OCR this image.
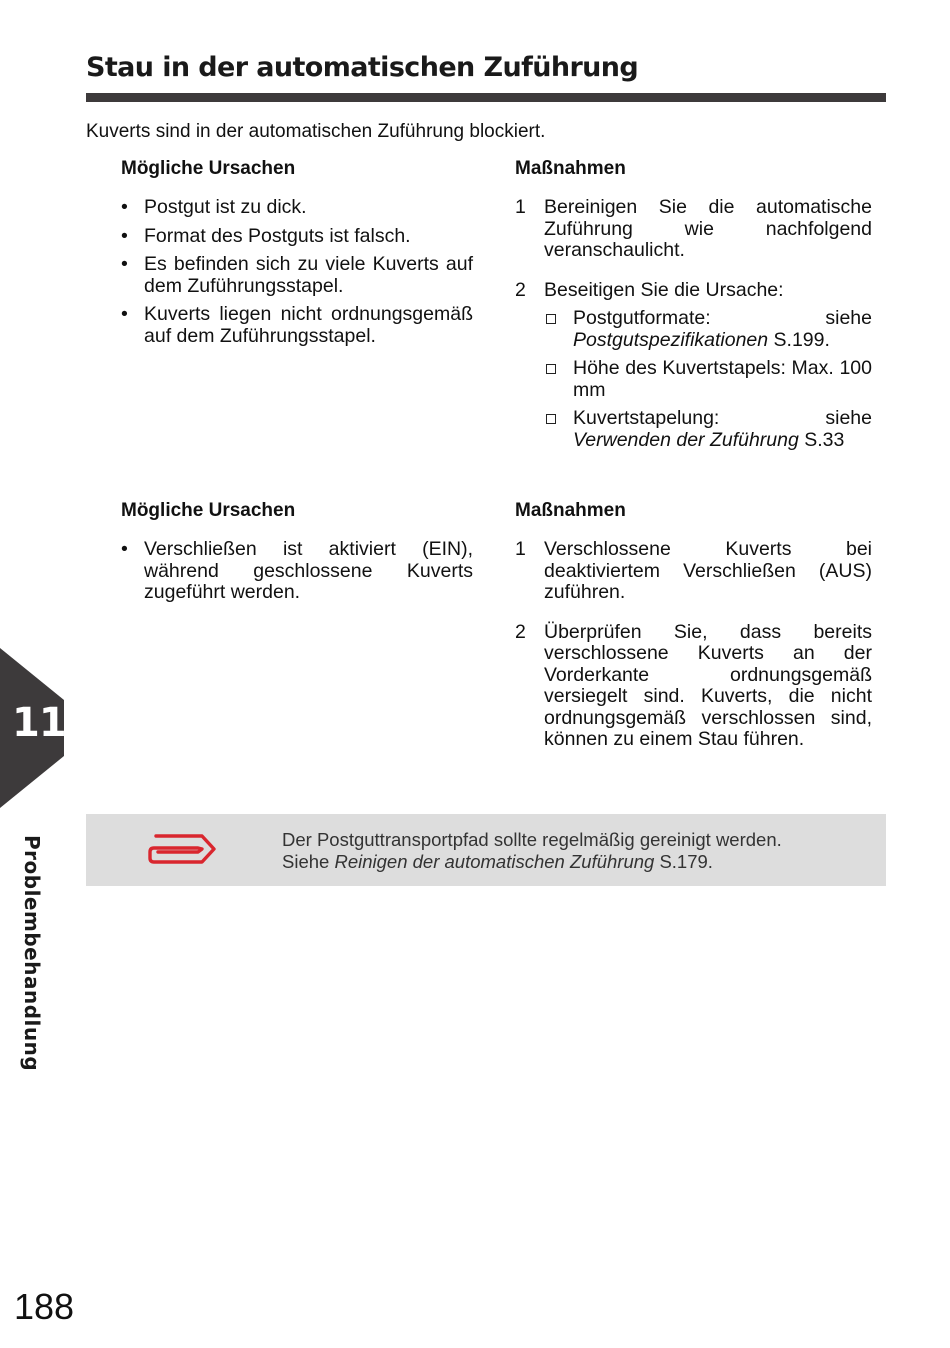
Stau in der automatischen Zuführung

Kuverts sind in der automatischen Zuführung blockiert.

Mögliche Ursachen
• Postgut ist zu dick.
• Format des Postguts ist falsch.
• Es befinden sich zu viele Kuverts auf dem Zuführungsstapel.
• Kuverts liegen nicht ordnungsgemäß auf dem Zuführungsstapel.
Maßnahmen
1 Bereinigen Sie die automatische Zuführung wie nachfolgend veranschaulicht.
2 Beseitigen Sie die Ursache:
Postgutformate: siehe Postgutspezifikationen S.199.
Höhe des Kuvertstapels: Max. 100 mm
Kuvertstapelung: siehe Verwenden der Zuführung S.33
Mögliche Ursachen
• Verschließen ist aktiviert (EIN), während geschlossene Kuverts zugeführt werden.
Maßnahmen
1 Verschlossene Kuverts bei deaktiviertem Verschließen (AUS) zuführen.
2 Überprüfen Sie, dass bereits verschlossene Kuverts an der Vorderkante ordnungsgemäß versiegelt sind. Kuverts, die nicht ordnungsgemäß verschlossen sind, können zu einem Stau führen.
Der Postguttransportpfad sollte regelmäßig gereinigt werden.
Siehe Reinigen der automatischen Zuführung S.179.
11
Problembehandlung
188
